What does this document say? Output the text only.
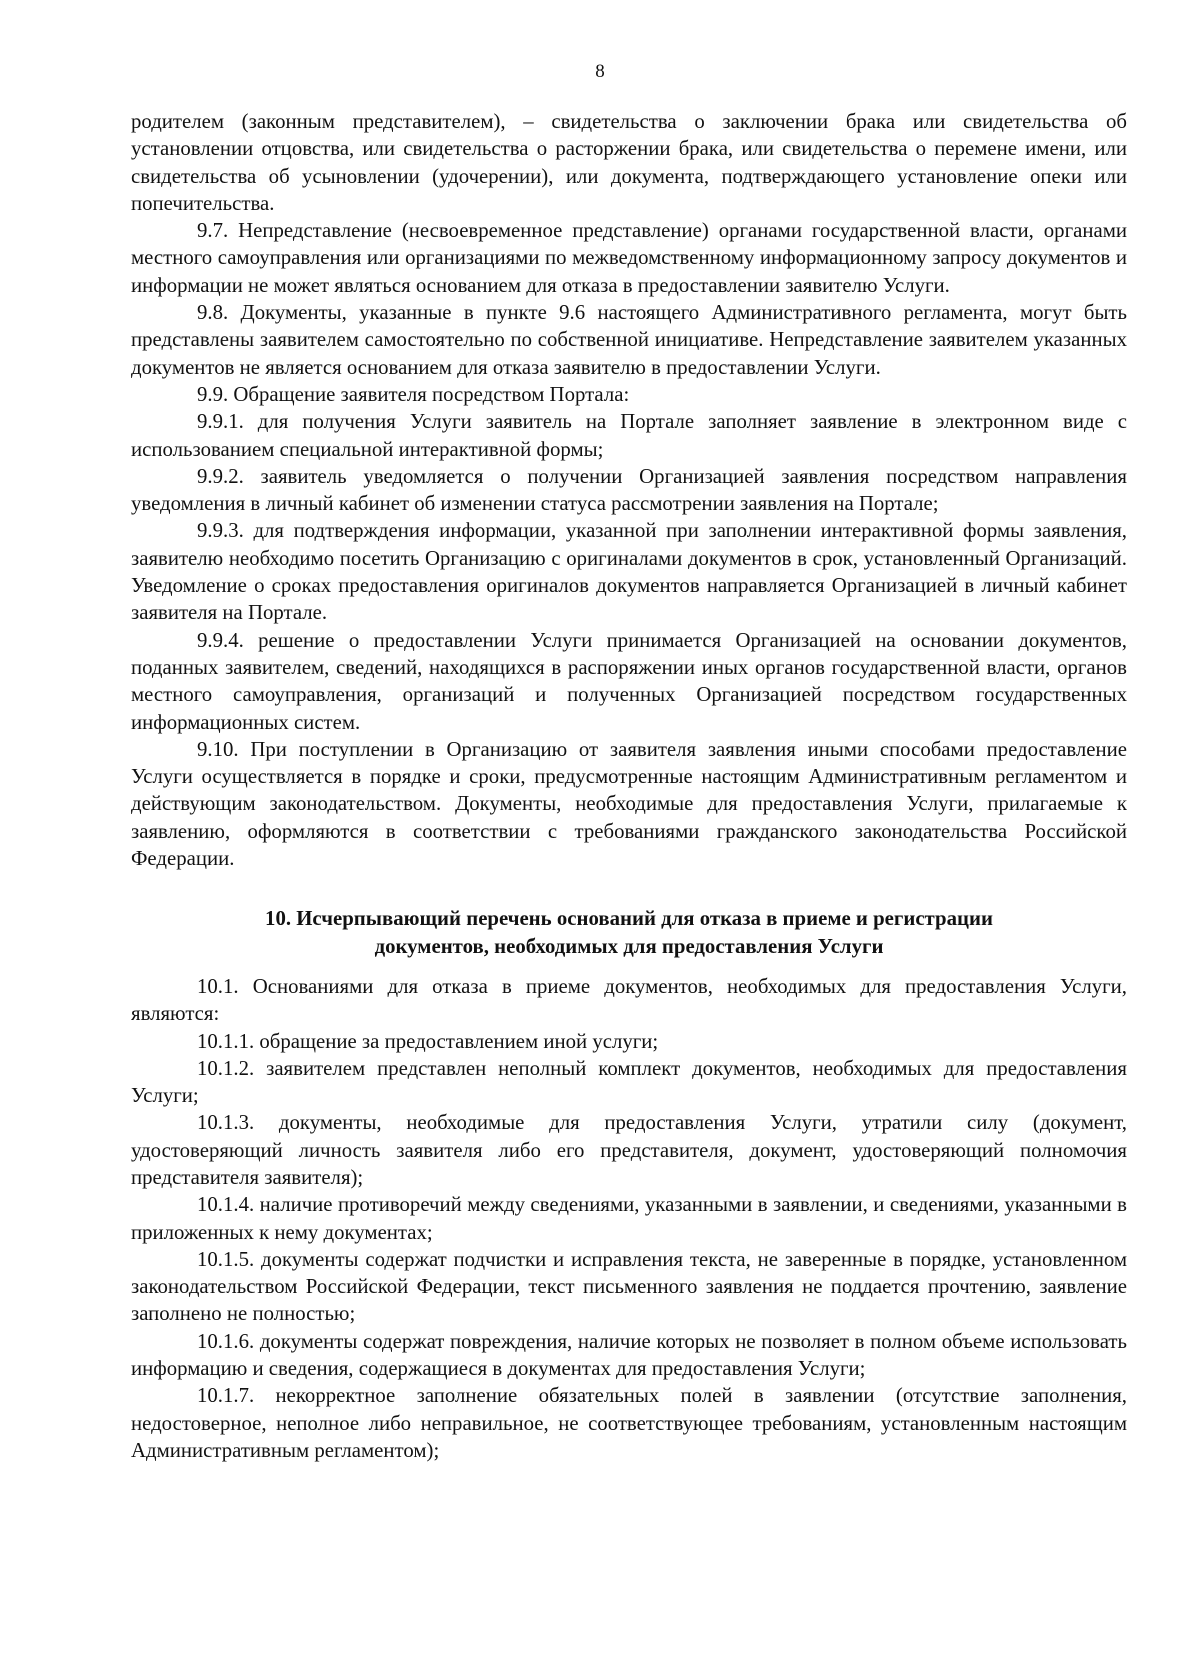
8

родителем (законным представителем), – свидетельства о заключении брака или свидетельства об установлении отцовства, или свидетельства о расторжении брака, или свидетельства о перемене имени, или свидетельства об усыновлении (удочерении), или документа, подтверждающего установление опеки или попечительства.

9.7. Непредставление (несвоевременное представление) органами государственной власти, органами местного самоуправления или организациями по межведомственному информационному запросу документов и информации не может являться основанием для отказа в предоставлении заявителю Услуги.

9.8. Документы, указанные в пункте 9.6 настоящего Административного регламента, могут быть представлены заявителем самостоятельно по собственной инициативе. Непредставление заявителем указанных документов не является основанием для отказа заявителю в предоставлении Услуги.

9.9. Обращение заявителя посредством Портала:

9.9.1. для получения Услуги заявитель на Портале заполняет заявление в электронном виде с использованием специальной интерактивной формы;

9.9.2. заявитель уведомляется о получении Организацией заявления посредством направления уведомления в личный кабинет об изменении статуса рассмотрении заявления на Портале;

9.9.3. для подтверждения информации, указанной при заполнении интерактивной формы заявления, заявителю необходимо посетить Организацию с оригиналами документов в срок, установленный Организаций. Уведомление о сроках предоставления оригиналов документов направляется Организацией в личный кабинет заявителя на Портале.

9.9.4. решение о предоставлении Услуги принимается Организацией на основании документов, поданных заявителем, сведений, находящихся в распоряжении иных органов государственной власти, органов местного самоуправления, организаций и полученных Организацией посредством государственных информационных систем.

9.10. При поступлении в Организацию от заявителя заявления иными способами предоставление Услуги осуществляется в порядке и сроки, предусмотренные настоящим Административным регламентом и действующим законодательством. Документы, необходимые для предоставления Услуги, прилагаемые к заявлению, оформляются в соответствии с требованиями гражданского законодательства Российской Федерации.

10. Исчерпывающий перечень оснований для отказа в приеме и регистрации
документов, необходимых для предоставления Услуги

10.1. Основаниями для отказа в приеме документов, необходимых для предоставления Услуги, являются:

10.1.1. обращение за предоставлением иной услуги;

10.1.2. заявителем представлен неполный комплект документов, необходимых для предоставления Услуги;

10.1.3. документы, необходимые для предоставления Услуги, утратили силу (документ, удостоверяющий личность заявителя либо его представителя, документ, удостоверяющий полномочия представителя заявителя);

10.1.4. наличие противоречий между сведениями, указанными в заявлении, и сведениями, указанными в приложенных к нему документах;

10.1.5. документы содержат подчистки и исправления текста, не заверенные в порядке, установленном законодательством Российской Федерации, текст письменного заявления не поддается прочтению, заявление заполнено не полностью;

10.1.6. документы содержат повреждения, наличие которых не позволяет в полном объеме использовать информацию и сведения, содержащиеся в документах для предоставления Услуги;

10.1.7. некорректное заполнение обязательных полей в заявлении (отсутствие заполнения, недостоверное, неполное либо неправильное, не соответствующее требованиям, установленным настоящим Административным регламентом);
